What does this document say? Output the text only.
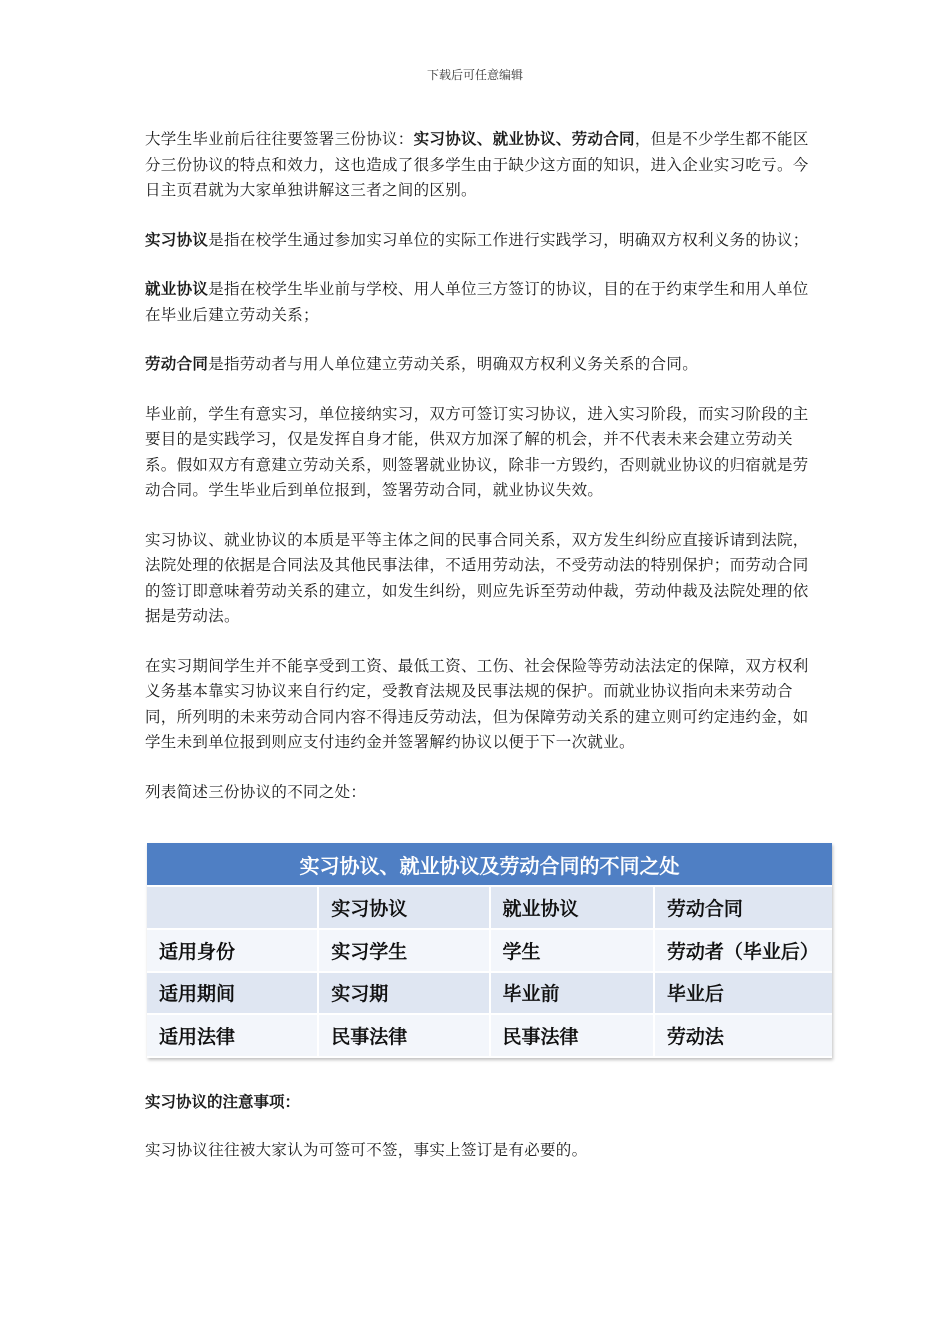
下载后可任意编辑

大学生毕业前后往往要签署三份协议：实习协议、就业协议、劳动合同，但是不少学生都不能区分三份协议的特点和效力，这也造成了很多学生由于缺少这方面的知识，进入企业实习吃亏。今日主页君就为大家单独讲解这三者之间的区别。

实习协议是指在校学生通过参加实习单位的实际工作进行实践学习，明确双方权利义务的协议；

就业协议是指在校学生毕业前与学校、用人单位三方签订的协议，目的在于约束学生和用人单位在毕业后建立劳动关系；

劳动合同是指劳动者与用人单位建立劳动关系，明确双方权利义务关系的合同。

毕业前，学生有意实习，单位接纳实习，双方可签订实习协议，进入实习阶段，而实习阶段的主要目的是实践学习，仅是发挥自身才能，供双方加深了解的机会，并不代表未来会建立劳动关系。假如双方有意建立劳动关系，则签署就业协议，除非一方毁约，否则就业协议的归宿就是劳动合同。学生毕业后到单位报到，签署劳动合同，就业协议失效。

实习协议、就业协议的本质是平等主体之间的民事合同关系，双方发生纠纷应直接诉请到法院，法院处理的依据是合同法及其他民事法律，不适用劳动法，不受劳动法的特别保护；而劳动合同的签订即意味着劳动关系的建立，如发生纠纷，则应先诉至劳动仲裁，劳动仲裁及法院处理的依据是劳动法。

在实习期间学生并不能享受到工资、最低工资、工伤、社会保险等劳动法法定的保障，双方权利义务基本靠实习协议来自行约定，受教育法规及民事法规的保护。而就业协议指向未来劳动合同，所列明的未来劳动合同内容不得违反劳动法，但为保障劳动关系的建立则可约定违约金，如学生未到单位报到则应支付违约金并签署解约协议以便于下一次就业。

列表简述三份协议的不同之处：

实习协议、就业协议及劳动合同的不同之处			
	实习协议	就业协议	劳动合同
适用身份	实习学生	学生	劳动者（毕业后）
适用期间	实习期	毕业前	毕业后
适用法律	民事法律	民事法律	劳动法
实习协议的注意事项：
实习协议往往被大家认为可签可不签，事实上签订是有必要的。
